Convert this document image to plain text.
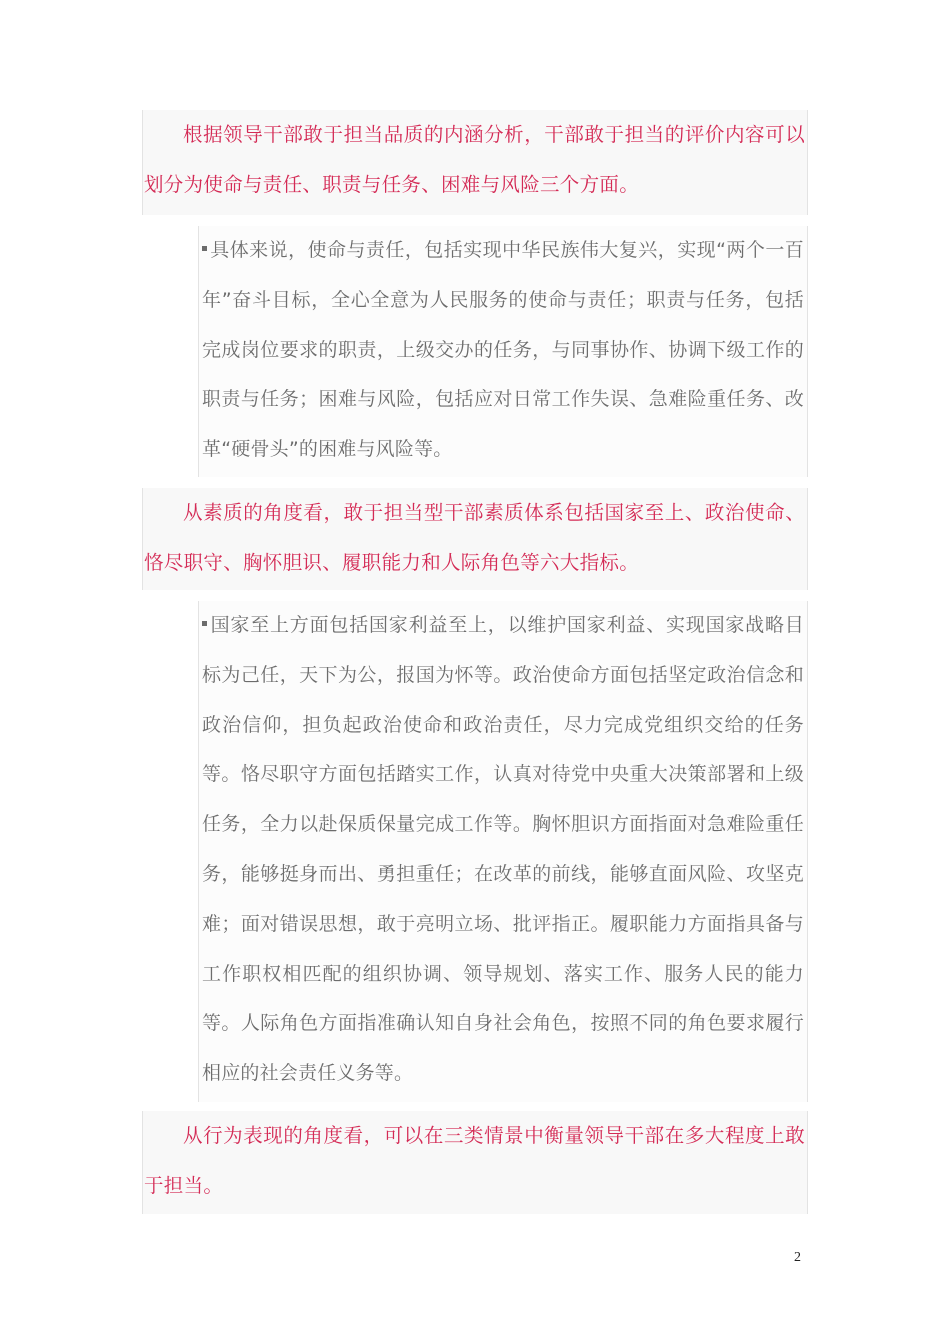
根据领导干部敢于担当品质的内涵分析，干部敢于担当的评价内容可以划分为使命与责任、职责与任务、困难与风险三个方面。

具体来说，使命与责任，包括实现中华民族伟大复兴，实现“两个一百年”奋斗目标，全心全意为人民服务的使命与责任；职责与任务，包括完成岗位要求的职责，上级交办的任务，与同事协作、协调下级工作的职责与任务；困难与风险，包括应对日常工作失误、急难险重任务、改革“硬骨头”的困难与风险等。

从素质的角度看，敢于担当型干部素质体系包括国家至上、政治使命、恪尽职守、胸怀胆识、履职能力和人际角色等六大指标。

国家至上方面包括国家利益至上，以维护国家利益、实现国家战略目标为己任，天下为公，报国为怀等。政治使命方面包括坚定政治信念和政治信仰，担负起政治使命和政治责任，尽力完成党组织交给的任务等。恪尽职守方面包括踏实工作，认真对待党中央重大决策部署和上级任务，全力以赴保质保量完成工作等。胸怀胆识方面指面对急难险重任务，能够挺身而出、勇担重任；在改革的前线，能够直面风险、攻坚克难；面对错误思想，敢于亮明立场、批评指正。履职能力方面指具备与工作职权相匹配的组织协调、领导规划、落实工作、服务人民的能力等。人际角色方面指准确认知自身社会角色，按照不同的角色要求履行相应的社会责任义务等。

从行为表现的角度看，可以在三类情景中衡量领导干部在多大程度上敢于担当。

2
